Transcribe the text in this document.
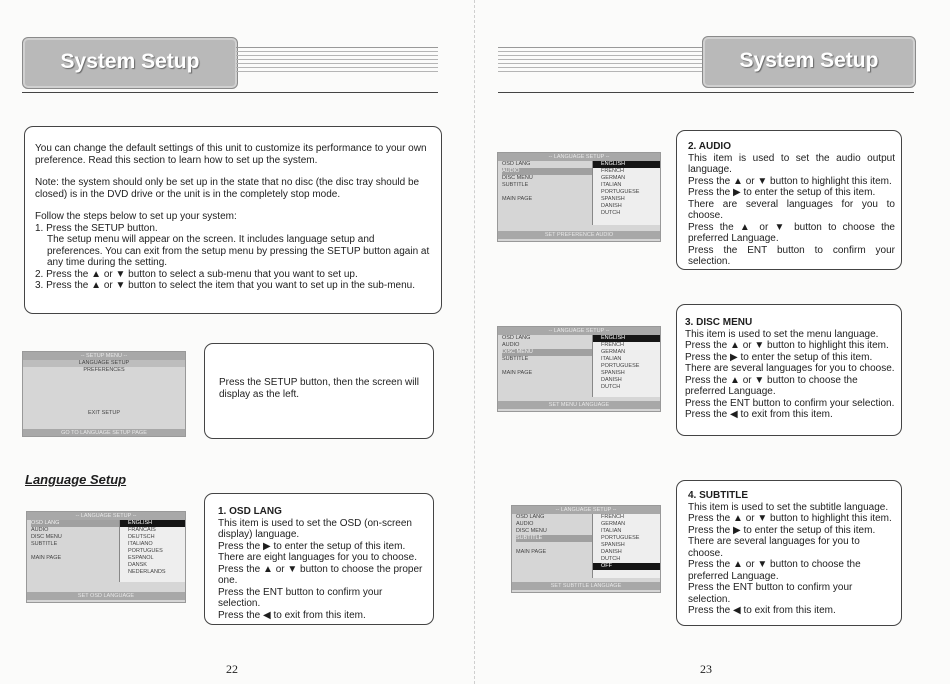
System Setup

You can change the default settings of this unit to customize its performance to your own preference. Read this section to learn how to set up the system.

Note: the system should only be set up in the state that no disc (the disc tray should be closed) is in the DVD drive or the unit is in the completely stop mode.

Follow the steps below to set up your system:

1. Press the SETUP button.

The setup menu will appear on the screen. It includes language setup and preferences. You can exit from the setup menu by pressing the SETUP button again at any time during the setting.

2. Press the ▲ or ▼ button to select a sub-menu that you want to set up.

3. Press the ▲ or ▼ button to select the item that you want to set up in the sub-menu.

-- SETUP MENU --
LANGUAGE SETUP
PREFERENCES
EXIT SETUP
GO TO LANGUAGE SETUP PAGE

Press the SETUP button, then the screen will display as the left.

Language Setup
-- LANGUAGE SETUP --
OSD LANG
AUDIO
DISC MENU
SUBTITLE
MAIN PAGE
ENGLISH
FRANCAIS
DEUTSCH
ITALIANO
PORTUGUES
ESPANOL
DANSK
NEDERLANDS
SET OSD LANGUAGE

1. OSD LANG

This item is used to set the OSD (on-screen display) language.

Press the ▶ to enter the setup of this item.

There are eight languages for you to choose.

Press the ▲ or ▼ button to choose the proper one.

Press the ENT button to confirm your selection.

Press the ◀ to exit from this item.

22
System Setup
-- LANGUAGE SETUP --
OSD LANG
AUDIO
DISC MENU
SUBTITLE
MAIN PAGE
ENGLISH
FRENCH
GERMAN
ITALIAN
PORTUGUESE
SPANISH
DANISH
DUTCH
SET PREFERENCE AUDIO

2. AUDIO

This item is used to set the audio output language.

Press the ▲ or ▼ button to highlight this item.

Press the ▶ to enter the setup of this item.

There are several languages for you to choose.

Press the ▲ or ▼ button to choose the preferred Language.

Press the ENT button to confirm your selection.

-- LANGUAGE SETUP --
OSD LANG
AUDIO
DISC MENU
SUBTITLE
MAIN PAGE
ENGLISH
FRENCH
GERMAN
ITALIAN
PORTUGUESE
SPANISH
DANISH
DUTCH
SET MENU LANGUAGE

3. DISC MENU

This item is used to set the menu language.

Press the ▲ or ▼ button to highlight this item.

Press the ▶ to enter the setup of this item.

There are several languages for you to choose.

Press the ▲ or ▼ button to choose the preferred Language.

Press the ENT button to confirm your selection.

Press the ◀ to exit from this item.

-- LANGUAGE SETUP --
OSD LANG
AUDIO
DISC MENU
SUBTITLE
MAIN PAGE
FRENCH
GERMAN
ITALIAN
PORTUGUESE
SPANISH
DANISH
DUTCH
OFF
SET SUBTITLE LANGUAGE

4. SUBTITLE

This item is used to set the subtitle language.

Press the ▲ or ▼ button to highlight this item.

Press the ▶ to enter the setup of this item.

There are several languages for you to choose.

Press the ▲ or ▼ button to choose the preferred Language.

Press the ENT button to confirm your selection.

Press the ◀ to exit from this item.

23
